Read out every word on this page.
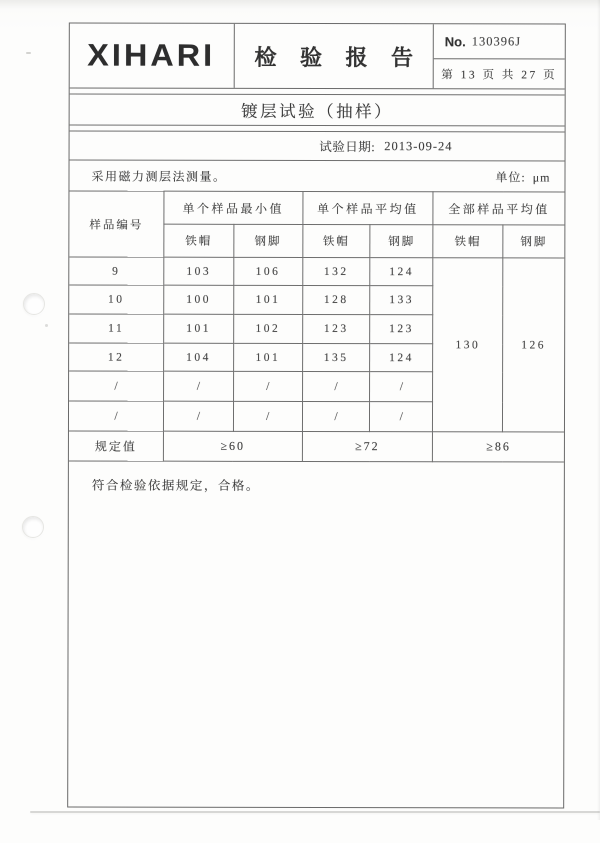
XIHARI	检 验 报 告
No. 130396J
第 13 页 共 27 页
镀层试验（抽样）
试验日期: 2013-09-24
采用磁力测层法测量。	单位: μm
样品编号	单个样品最小值		单个样品平均值		全部样品平均值	
	铁帽	钢脚	铁帽	钢脚	铁帽	钢脚
9	103	106	132	124	130	126
10	100	101	128	133		
11	101	102	123	123		
12	104	101	135	124		
/	/	/	/	/		
/	/	/	/	/		
规定值	≥60		≥72		≥86	
符合检验依据规定，合格。
